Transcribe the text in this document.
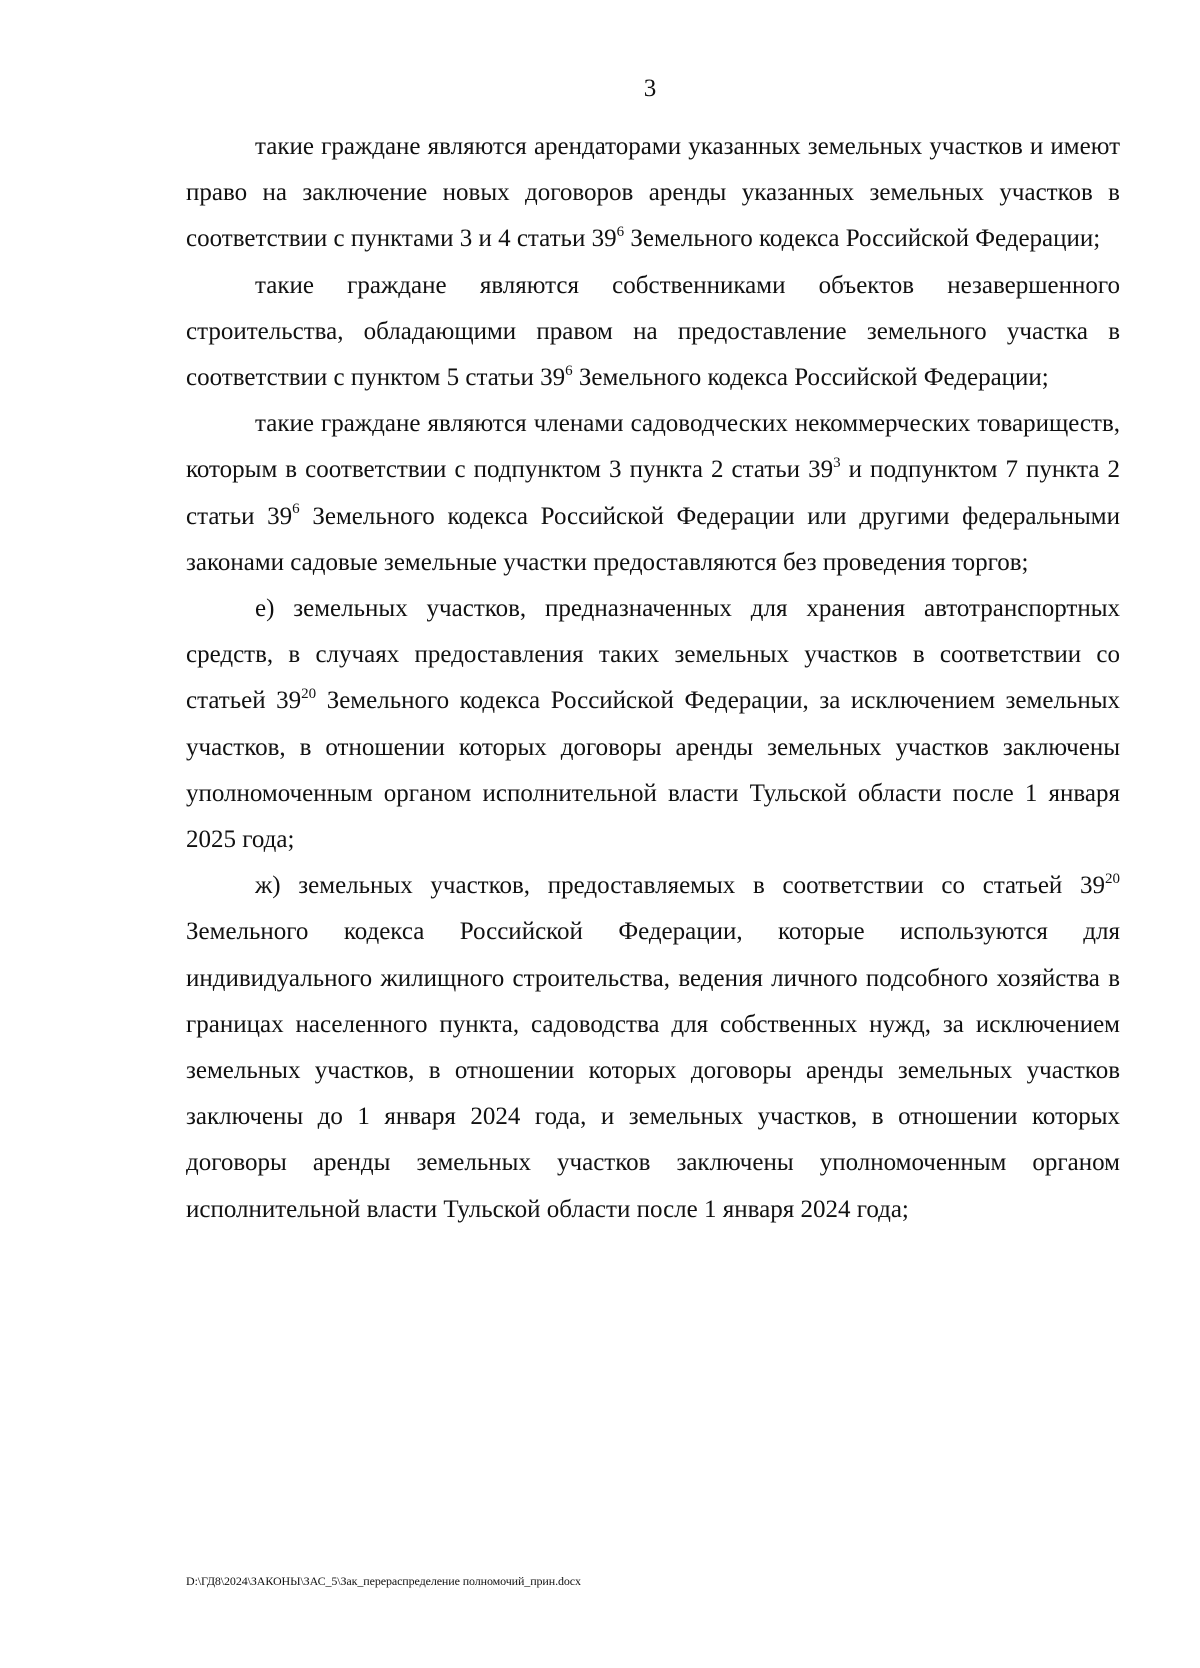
3

такие граждане являются арендаторами указанных земельных участков и имеют право на заключение новых договоров аренды указанных земельных участков в соответствии с пунктами 3 и 4 статьи $39^6$ Земельного кодекса Российской Федерации;

такие граждане являются собственниками объектов незавершенного строительства, обладающими правом на предоставление земельного участка в соответствии с пунктом 5 статьи $39^6$ Земельного кодекса Российской Федерации;

такие граждане являются членами садоводческих некоммерческих товариществ, которым в соответствии с подпунктом 3 пункта 2 статьи $39^3$ и подпунктом 7 пункта 2 статьи $39^6$ Земельного кодекса Российской Федерации или другими федеральными законами садовые земельные участки предоставляются без проведения торгов;

е) земельных участков, предназначенных для хранения автотранспортных средств, в случаях предоставления таких земельных участков в соответствии со статьей $39^{20}$ Земельного кодекса Российской Федерации, за исключением земельных участков, в отношении которых договоры аренды земельных участков заключены уполномоченным органом исполнительной власти Тульской области после 1 января 2025 года;

ж) земельных участков, предоставляемых в соответствии со статьей $39^{20}$ Земельного кодекса Российской Федерации, которые используются для индивидуального жилищного строительства, ведения личного подсобного хозяйства в границах населенного пункта, садоводства для собственных нужд, за исключением земельных участков, в отношении которых договоры аренды земельных участков заключены до 1 января 2024 года, и земельных участков, в отношении которых договоры аренды земельных участков заключены уполномоченным органом исполнительной власти Тульской области после 1 января 2024 года;

D:\ГД8\2024\ЗАКОНЫ\ЗАС_5\Зак_перераспределение полномочий_прин.docx
